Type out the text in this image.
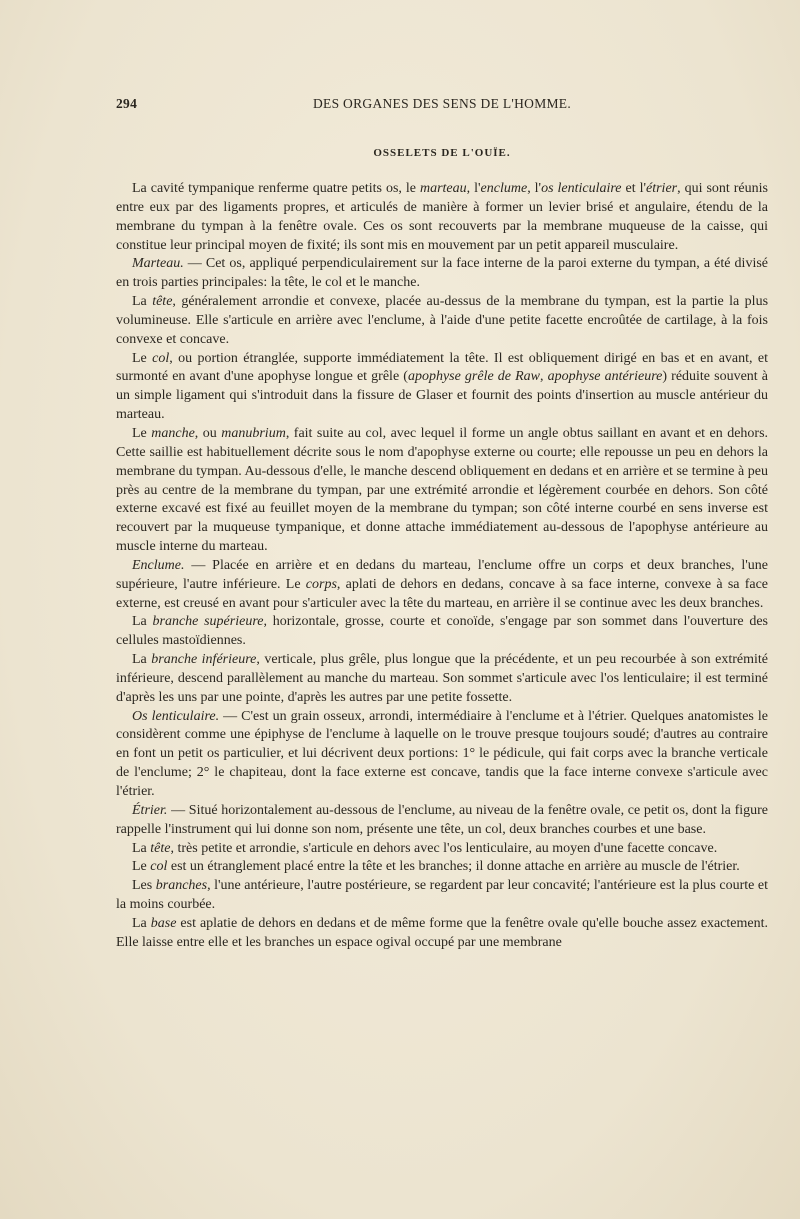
294	DES ORGANES DES SENS DE L'HOMME.
OSSELETS DE L'OUÏE.

La cavité tympanique renferme quatre petits os, le marteau, l'enclume, l'os lenticulaire et l'étrier, qui sont réunis entre eux par des ligaments propres, et articulés de manière à former un levier brisé et angulaire, étendu de la membrane du tympan à la fenêtre ovale. Ces os sont recouverts par la membrane muqueuse de la caisse, qui constitue leur principal moyen de fixité; ils sont mis en mouvement par un petit appareil musculaire.

Marteau. — Cet os, appliqué perpendiculairement sur la face interne de la paroi externe du tympan, a été divisé en trois parties principales: la tête, le col et le manche.

La tête, généralement arrondie et convexe, placée au-dessus de la membrane du tympan, est la partie la plus volumineuse. Elle s'articule en arrière avec l'enclume, à l'aide d'une petite facette encroûtée de cartilage, à la fois convexe et concave.

Le col, ou portion étranglée, supporte immédiatement la tête. Il est obliquement dirigé en bas et en avant, et surmonté en avant d'une apophyse longue et grêle (apophyse grêle de Raw, apophyse antérieure) réduite souvent à un simple ligament qui s'introduit dans la fissure de Glaser et fournit des points d'insertion au muscle antérieur du marteau.

Le manche, ou manubrium, fait suite au col, avec lequel il forme un angle obtus saillant en avant et en dehors. Cette saillie est habituellement décrite sous le nom d'apophyse externe ou courte; elle repousse un peu en dehors la membrane du tympan. Au-dessous d'elle, le manche descend obliquement en dedans et en arrière et se termine à peu près au centre de la membrane du tympan, par une extrémité arrondie et légèrement courbée en dehors. Son côté externe excavé est fixé au feuillet moyen de la membrane du tympan; son côté interne courbé en sens inverse est recouvert par la muqueuse tympanique, et donne attache immédiatement au-dessous de l'apophyse antérieure au muscle interne du marteau.

Enclume. — Placée en arrière et en dedans du marteau, l'enclume offre un corps et deux branches, l'une supérieure, l'autre inférieure. Le corps, aplati de dehors en dedans, concave à sa face interne, convexe à sa face externe, est creusé en avant pour s'articuler avec la tête du marteau, en arrière il se continue avec les deux branches.

La branche supérieure, horizontale, grosse, courte et conoïde, s'engage par son sommet dans l'ouverture des cellules mastoïdiennes.

La branche inférieure, verticale, plus grêle, plus longue que la précédente, et un peu recourbée à son extrémité inférieure, descend parallèlement au manche du marteau. Son sommet s'articule avec l'os lenticulaire; il est terminé d'après les uns par une pointe, d'après les autres par une petite fossette.

Os lenticulaire. — C'est un grain osseux, arrondi, intermédiaire à l'enclume et à l'étrier. Quelques anatomistes le considèrent comme une épiphyse de l'enclume à laquelle on le trouve presque toujours soudé; d'autres au contraire en font un petit os particulier, et lui décrivent deux portions: 1° le pédicule, qui fait corps avec la branche verticale de l'enclume; 2° le chapiteau, dont la face externe est concave, tandis que la face interne convexe s'articule avec l'étrier.

Étrier. — Situé horizontalement au-dessous de l'enclume, au niveau de la fenêtre ovale, ce petit os, dont la figure rappelle l'instrument qui lui donne son nom, présente une tête, un col, deux branches courbes et une base.

La tête, très petite et arrondie, s'articule en dehors avec l'os lenticulaire, au moyen d'une facette concave.

Le col est un étranglement placé entre la tête et les branches; il donne attache en arrière au muscle de l'étrier.

Les branches, l'une antérieure, l'autre postérieure, se regardent par leur concavité; l'antérieure est la plus courte et la moins courbée.

La base est aplatie de dehors en dedans et de même forme que la fenêtre ovale qu'elle bouche assez exactement. Elle laisse entre elle et les branches un espace ogival occupé par une membrane
